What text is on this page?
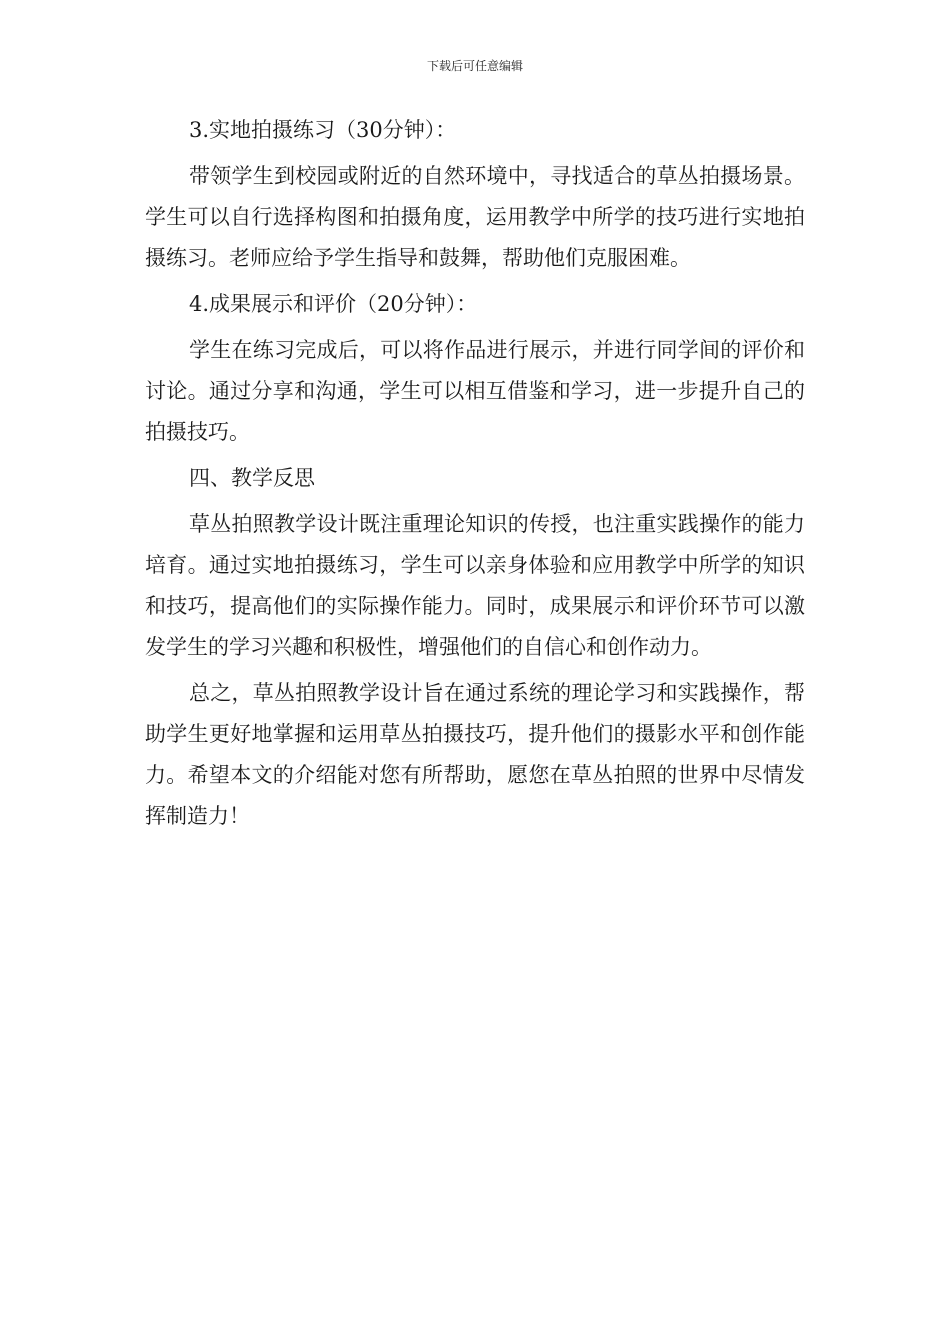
下载后可任意编辑

3.实地拍摄练习（30分钟）：

带领学生到校园或附近的自然环境中，寻找适合的草丛拍摄场景。学生可以自行选择构图和拍摄角度，运用教学中所学的技巧进行实地拍摄练习。老师应给予学生指导和鼓舞，帮助他们克服困难。

4.成果展示和评价（20分钟）：

学生在练习完成后，可以将作品进行展示，并进行同学间的评价和讨论。通过分享和沟通，学生可以相互借鉴和学习，进一步提升自己的拍摄技巧。

四、教学反思

草丛拍照教学设计既注重理论知识的传授，也注重实践操作的能力培育。通过实地拍摄练习，学生可以亲身体验和应用教学中所学的知识和技巧，提高他们的实际操作能力。同时，成果展示和评价环节可以激发学生的学习兴趣和积极性，增强他们的自信心和创作动力。

总之，草丛拍照教学设计旨在通过系统的理论学习和实践操作，帮助学生更好地掌握和运用草丛拍摄技巧，提升他们的摄影水平和创作能力。希望本文的介绍能对您有所帮助，愿您在草丛拍照的世界中尽情发挥制造力！
